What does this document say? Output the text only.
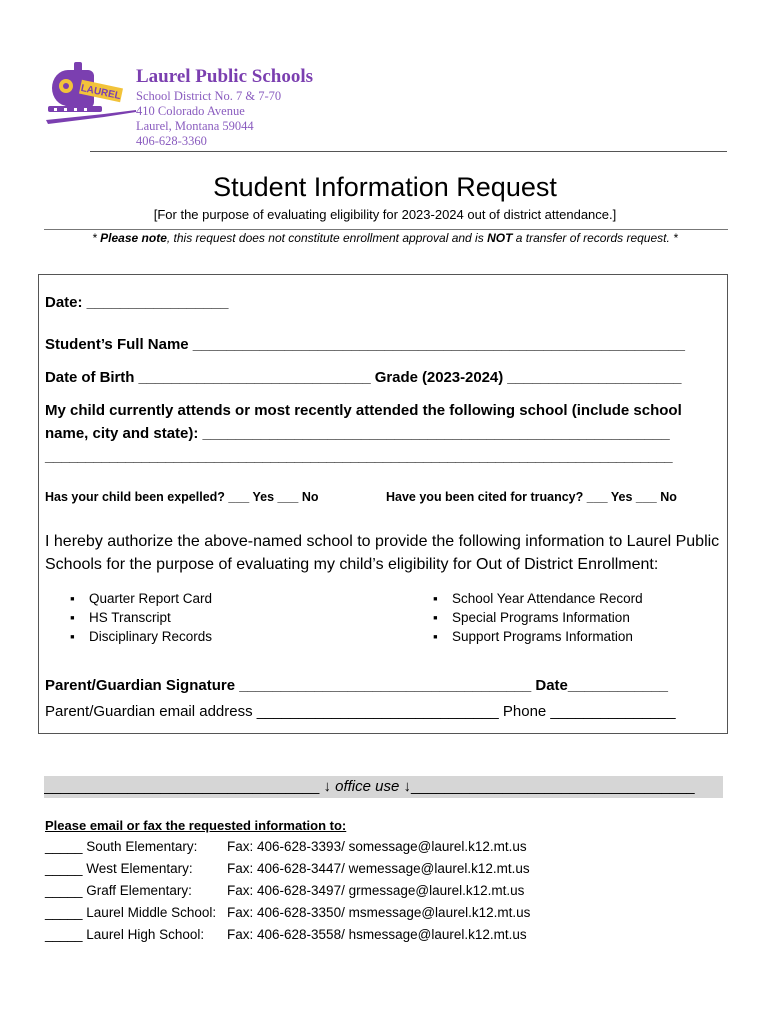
LAUREL
Laurel Public Schools
School District No. 7 & 7-70
410 Colorado Avenue
Laurel, Montana 59044
406-628-3360
Student Information Request
[For the purpose of evaluating eligibility for 2023-2024 out of district attendance.]
* Please note, this request does not constitute enrollment approval and is NOT a transfer of records request. *
Date: _________________
Student’s Full Name ___________________________________________________________
Date of Birth ____________________________ Grade (2023-2024) _____________________
My child currently attends or most recently attended the following school (include school
name, city and state): ________________________________________________________
______________________________________________________________________________
Has your child been expelled? ___ Yes ___ No	Have you been cited for truancy? ___ Yes ___ No
I hereby authorize the above-named school to provide the following information to Laurel Public Schools for the purpose of evaluating my child’s eligibility for Out of District Enrollment:
▪ Quarter Report Card
▪ HS Transcript
▪ Disciplinary Records
▪ School Year Attendance Record
▪ Special Programs Information
▪ Support Programs Information
Parent/Guardian Signature ___________________________________ Date____________
Parent/Guardian email address _____________________________ Phone _______________
_________________________________ ↓ office use ↓__________________________________
Please email or fax the requested information to:
_____ South Elementary: Fax: 406-628-3393/ somessage@laurel.k12.mt.us
_____ West Elementary:	Fax: 406-628-3447/ wemessage@laurel.k12.mt.us
_____ Graff Elementary:	Fax: 406-628-3497/ grmessage@laurel.k12.mt.us
_____ Laurel Middle School: Fax: 406-628-3350/ msmessage@laurel.k12.mt.us
_____ Laurel High School: Fax: 406-628-3558/ hsmessage@laurel.k12.mt.us
